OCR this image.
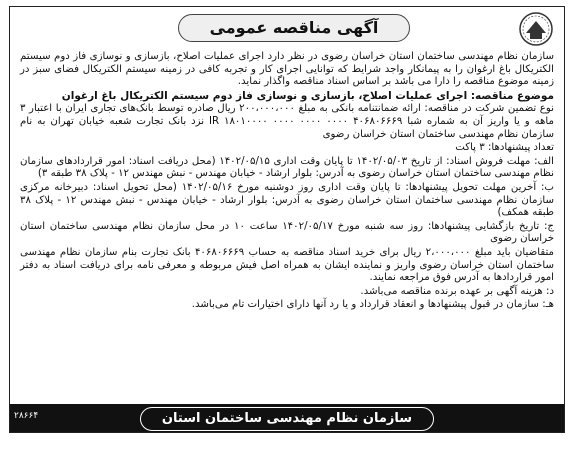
آگهی مناقصه عمومی

سازمان نظام مهندسی ساختمان استان خراسان رضوی در نظر دارد اجرای عملیات اصلاح، بازسازی و نوسازی فاز دوم سیستم الکتریکال باغ ارغوان را به پیمانکار واجد شرایط که توانایی اجرای کار و تجربه کافی در زمینه سیستم الکتریکال فضای سبز در زمینه موضوع مناقصه را دارا می باشد بر اساس اسناد مناقصه واگذار نماید.

موضوع مناقصه: اجرای عملیات اصلاح، بازسازی و نوسازی فاز دوم سیستم الکتریکال باغ ارغوان

نوع تضمین شرکت در مناقصه: ارائه ضمانتنامه بانکی به مبلغ ۲۰۰،۰۰۰،۰۰۰ ریال صادره توسط بانک‌های تجاری ایران با اعتبار ۳ ماهه و یا واریز آن به شماره شبا ۴۰۶۸۰۶۶۶۹ ۰۰۰۰ ۰۰۰۰ ۰۰۰۰ ۱۸۰۱۰۰۰۰ IR نزد بانک تجارت شعبه خیابان تهران به نام سازمان نظام مهندسی ساختمان استان خراسان رضوی

تعداد پیشنهادها: ۳ پاکت

الف: مهلت فروش اسناد: از تاریخ ۱۴۰۲/۰۵/۰۳ تا پایان وقت اداری ۱۴۰۲/۰۵/۱۵ (محل دریافت اسناد: امور قراردادهای سازمان نظام مهندسی ساختمان استان خراسان رضوی به آدرس: بلوار ارشاد - خیابان مهندس - نبش مهندس ۱۲ - پلاک ۳۸ طبقه ۳)

ب: آخرین مهلت تحویل پیشنهادها: تا پایان وقت اداری روز دوشنبه مورخ ۱۴۰۲/۰۵/۱۶ (محل تحویل اسناد: دبیرخانه مرکزی سازمان نظام مهندسی ساختمان استان خراسان رضوی به آدرس: بلوار ارشاد - خیابان مهندس - نبش مهندس ۱۲ - پلاک ۳۸ طبقه همکف)

ج: تاریخ بازگشایی پیشنهادها: روز سه شنبه مورخ ۱۴۰۲/۰۵/۱۷ ساعت ۱۰ در محل سازمان نظام مهندسی ساختمان استان خراسان رضوی

متقاضیان باید مبلغ ۲،۰۰۰،۰۰۰ ریال برای خرید اسناد مناقصه به حساب ۴۰۶۸۰۶۶۶۹ بانک تجارت بنام سازمان نظام مهندسی ساختمان استان خراسان رضوی واریز و نماینده ایشان به همراه اصل فیش مربوطه و معرفی نامه برای دریافت اسناد به دفتر امور قراردادها به آدرس فوق مراجعه نمایند.

د: هزینه آگهی بر عهده برنده مناقصه می‌باشد.

هـ: سازمان در قبول پیشنهادها و انعقاد قرارداد و یا رد آنها دارای اختیارات تام می‌باشد.

سازمان نظام مهندسی ساختمان استان خراسان رضوی
۲۸۶۶۴
